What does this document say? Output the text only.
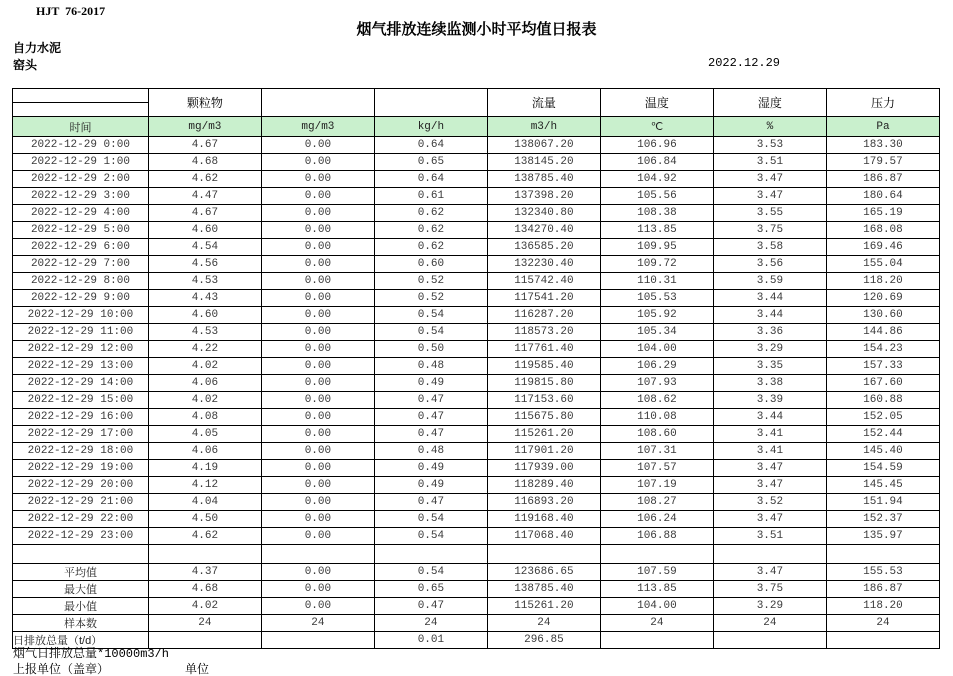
HJT  76-2017
烟气排放连续监测小时平均值日报表
自力水泥
窑头	2022.12.29
	颗粒物			流量	温度	湿度	压力

时间	mg/m3	mg/m3	kg/h	m3/h	℃	%	Pa
2022-12-29 0:00	4.67	0.00	0.64	138067.20	106.96	3.53	183.30
2022-12-29 1:00	4.68	0.00	0.65	138145.20	106.84	3.51	179.57
2022-12-29 2:00	4.62	0.00	0.64	138785.40	104.92	3.47	186.87
2022-12-29 3:00	4.47	0.00	0.61	137398.20	105.56	3.47	180.64
2022-12-29 4:00	4.67	0.00	0.62	132340.80	108.38	3.55	165.19
2022-12-29 5:00	4.60	0.00	0.62	134270.40	113.85	3.75	168.08
2022-12-29 6:00	4.54	0.00	0.62	136585.20	109.95	3.58	169.46
2022-12-29 7:00	4.56	0.00	0.60	132230.40	109.72	3.56	155.04
2022-12-29 8:00	4.53	0.00	0.52	115742.40	110.31	3.59	118.20
2022-12-29 9:00	4.43	0.00	0.52	117541.20	105.53	3.44	120.69
2022-12-29 10:00	4.60	0.00	0.54	116287.20	105.92	3.44	130.60
2022-12-29 11:00	4.53	0.00	0.54	118573.20	105.34	3.36	144.86
2022-12-29 12:00	4.22	0.00	0.50	117761.40	104.00	3.29	154.23
2022-12-29 13:00	4.02	0.00	0.48	119585.40	106.29	3.35	157.33
2022-12-29 14:00	4.06	0.00	0.49	119815.80	107.93	3.38	167.60
2022-12-29 15:00	4.02	0.00	0.47	117153.60	108.62	3.39	160.88
2022-12-29 16:00	4.08	0.00	0.47	115675.80	110.08	3.44	152.05
2022-12-29 17:00	4.05	0.00	0.47	115261.20	108.60	3.41	152.44
2022-12-29 18:00	4.06	0.00	0.48	117901.20	107.31	3.41	145.40
2022-12-29 19:00	4.19	0.00	0.49	117939.00	107.57	3.47	154.59
2022-12-29 20:00	4.12	0.00	0.49	118289.40	107.19	3.47	145.45
2022-12-29 21:00	4.04	0.00	0.47	116893.20	108.27	3.52	151.94
2022-12-29 22:00	4.50	0.00	0.54	119168.40	106.24	3.47	152.37
2022-12-29 23:00	4.62	0.00	0.54	117068.40	106.88	3.51	135.97

平均值	4.37	0.00	0.54	123686.65	107.59	3.47	155.53
最大值	4.68	0.00	0.65	138785.40	113.85	3.75	186.87
最小值	4.02	0.00	0.47	115261.20	104.00	3.29	118.20
样本数	24	24	24	24	24	24	24
日排放总量（t/d）			0.01	296.85			
烟气日排放总量*10000m3/h
上报单位（盖章）	单位
